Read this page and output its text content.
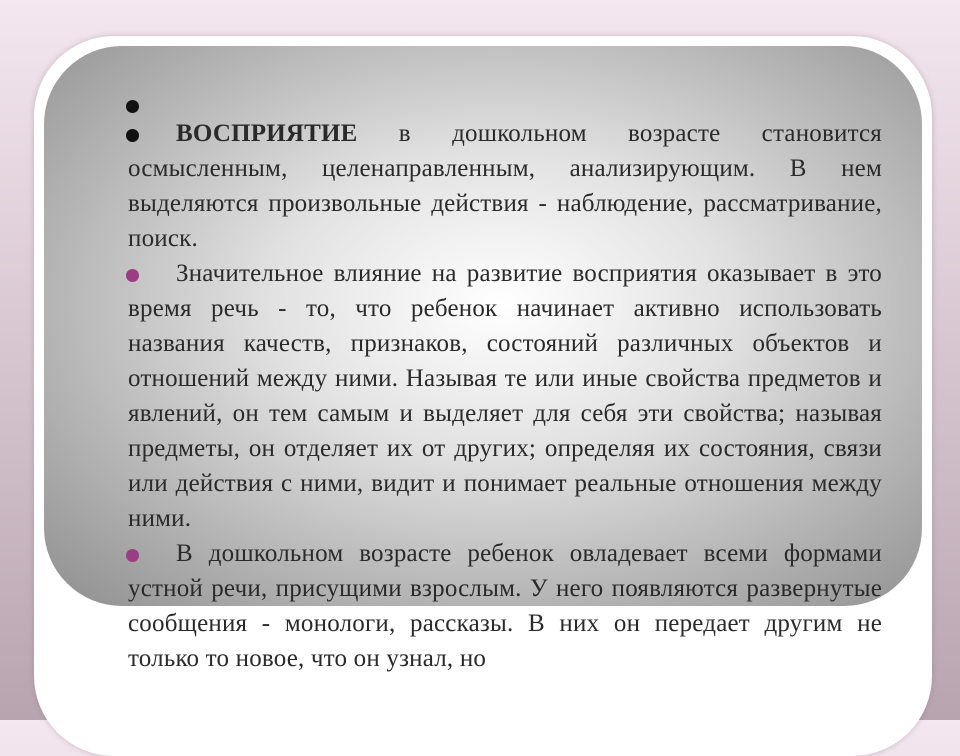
ВОСПРИЯТИЕ в дошкольном возрасте становится осмысленным, целенаправленным, анализирующим. В нем выделяются произвольные действия - наблюдение, рассматривание, поиск.

Значительное влияние на развитие восприятия оказывает в это время речь - то, что ребенок начинает активно использовать названия качеств, признаков, состояний различных объектов и отношений между ними. Называя те или иные свойства предметов и явлений, он тем самым и выделяет для себя эти свойства; называя предметы, он отделяет их от других; определяя их состояния, связи или действия с ними, видит и понимает реальные отношения между ними.

В дошкольном возрасте ребенок овладевает всеми формами устной речи, присущими взрослым. У него появляются развернутые сообщения - монологи, рассказы. В них он передает другим не только то новое, что он узнал, но
